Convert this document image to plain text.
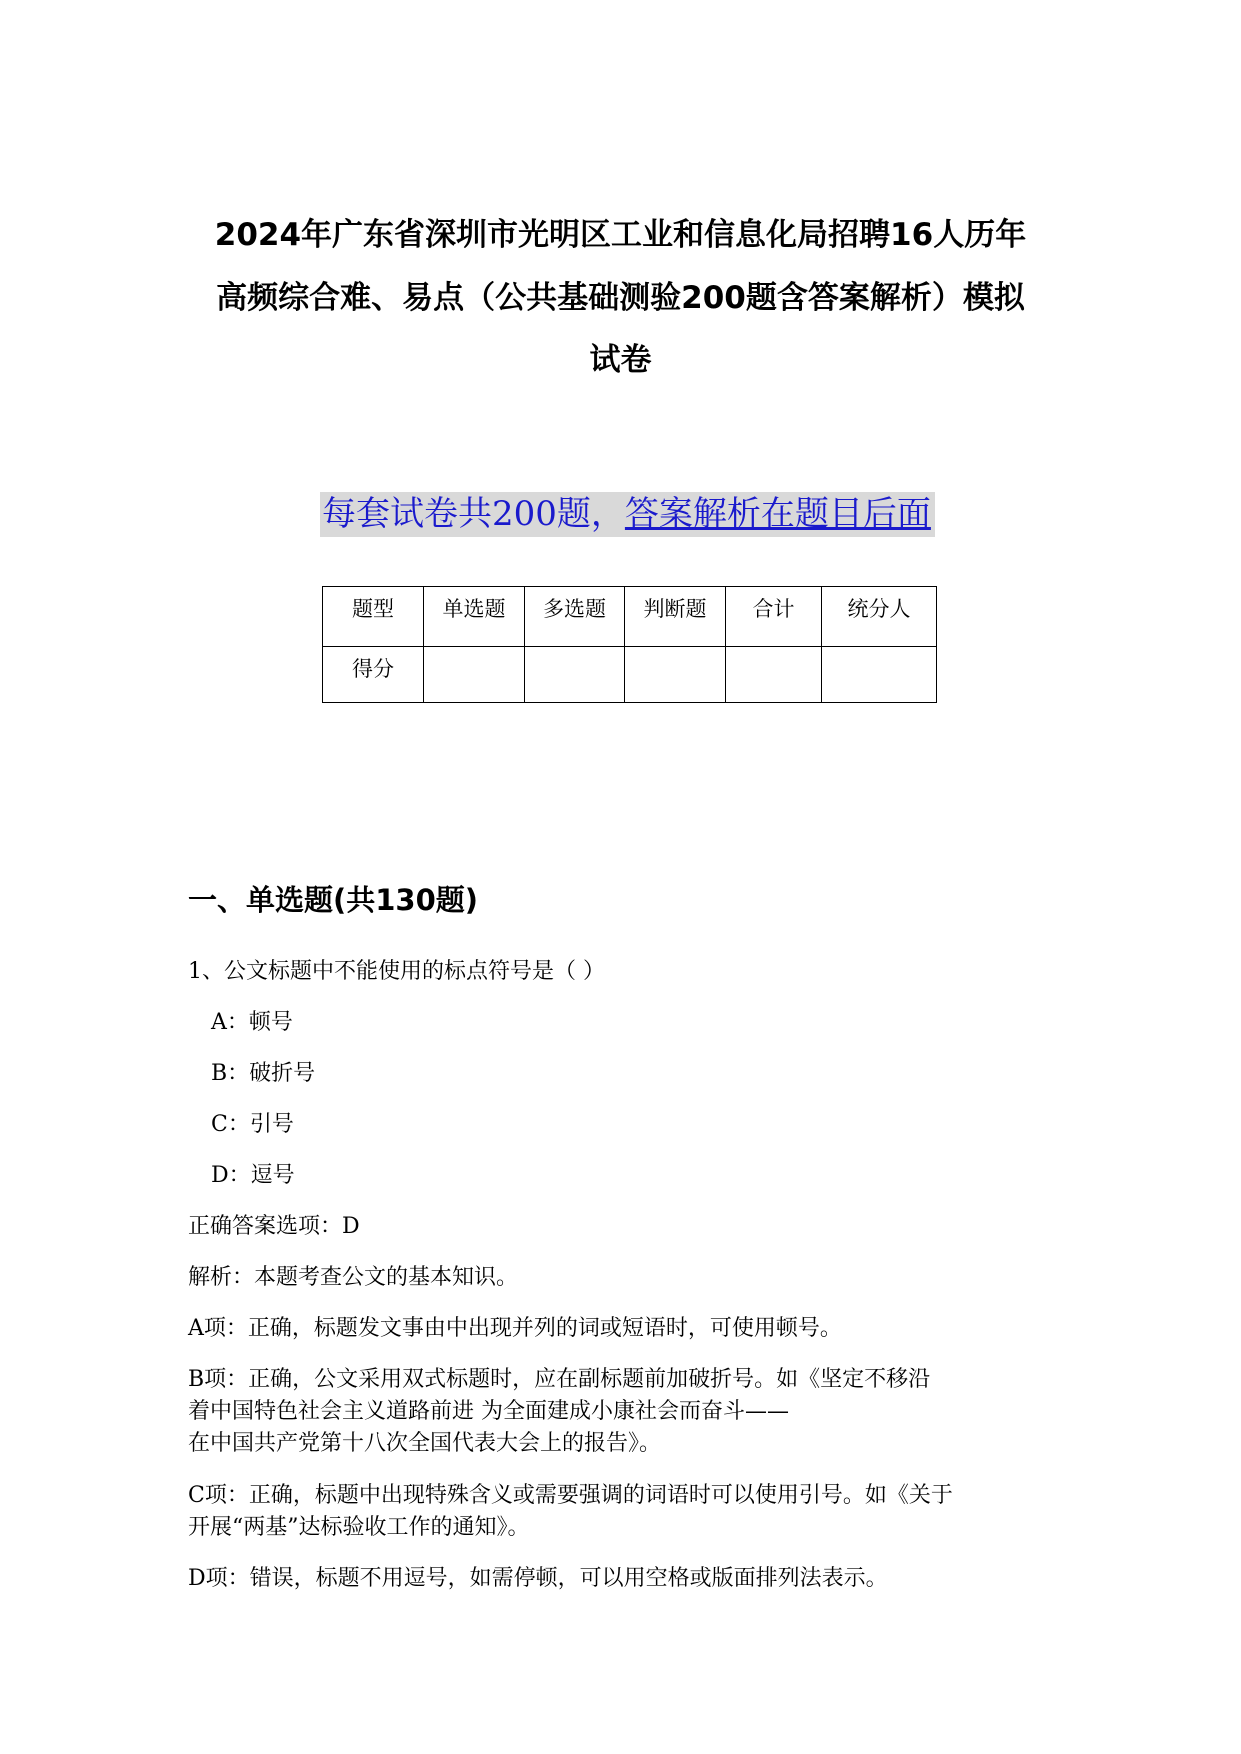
2024年广东省深圳市光明区工业和信息化局招聘16人历年
高频综合难、易点（公共基础测验200题含答案解析）模拟
试卷
每套试卷共200题，答案解析在题目后面
题型	单选题	多选题	判断题	合计	统分人
得分					
一、单选题(共130题)
1、公文标题中不能使用的标点符号是（ ）
A：顿号
B：破折号
C：引号
D：逗号
正确答案选项：D
解析：本题考查公文的基本知识。
A项：正确，标题发文事由中出现并列的词或短语时，可使用顿号。
B项：正确，公文采用双式标题时，应在副标题前加破折号。如《坚定不移沿
着中国特色社会主义道路前进 为全面建成小康社会而奋斗——
在中国共产党第十八次全国代表大会上的报告》。
C项：正确，标题中出现特殊含义或需要强调的词语时可以使用引号。如《关于
开展“两基”达标验收工作的通知》。
D项：错误，标题不用逗号，如需停顿，可以用空格或版面排列法表示。
